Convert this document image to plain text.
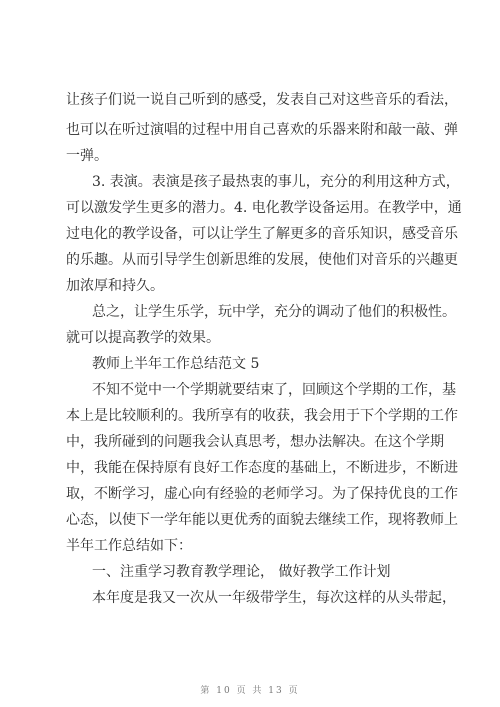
让孩子们说一说自己听到的感受，发表自己对这些音乐的看法，
也可以在听过演唱的过程中用自己喜欢的乐器来附和敲一敲、弹
一弹。
3. 表演。表演是孩子最热衷的事儿，充分的利用这种方式，
可以激发学生更多的潜力。4. 电化教学设备运用。在教学中，通
过电化的教学设备，可以让学生了解更多的音乐知识，感受音乐
的乐趣。从而引导学生创新思维的发展，使他们对音乐的兴趣更
加浓厚和持久。
总之，让学生乐学，玩中学，充分的调动了他们的积极性。
就可以提高教学的效果。
教师上半年工作总结范文 5
不知不觉中一个学期就要结束了，回顾这个学期的工作，基
本上是比较顺利的。我所享有的收获，我会用于下个学期的工作
中，我所碰到的问题我会认真思考，想办法解决。在这个学期
中，我能在保持原有良好工作态度的基础上，不断进步，不断进
取，不断学习，虚心向有经验的老师学习。为了保持优良的工作
心态，以使下一学年能以更优秀的面貌去继续工作，现将教师上
半年工作总结如下：
一、注重学习教育教学理论， 做好教学工作计划
本年度是我又一次从一年级带学生，每次这样的从头带起，
第 10 页 共 13 页
